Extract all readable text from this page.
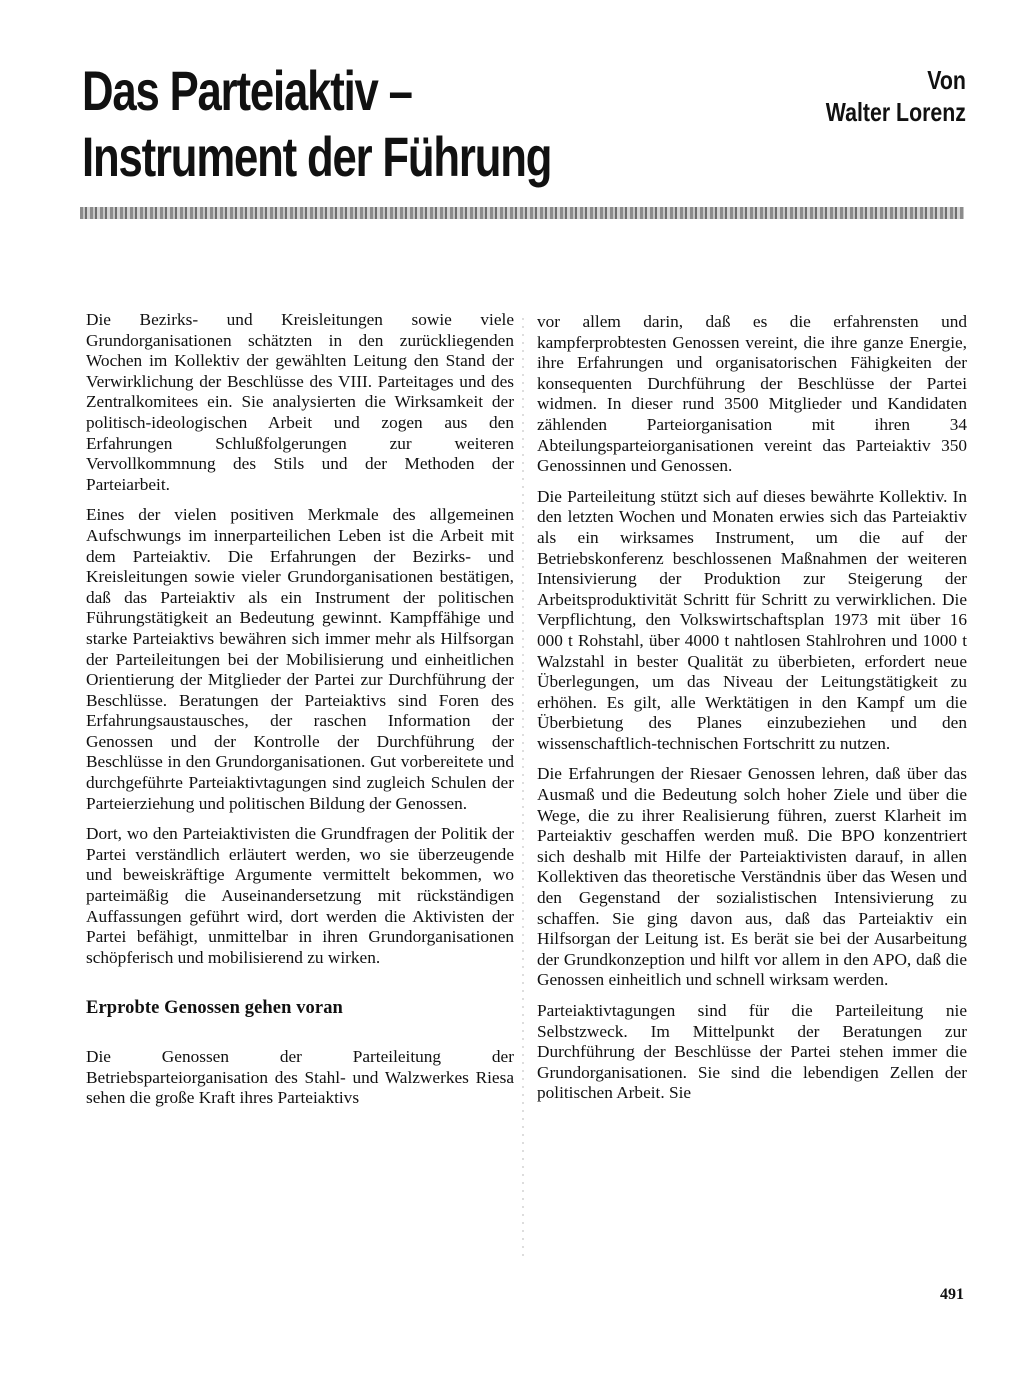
Das Parteiaktiv –
Instrument der Führung
Von
Walter Lorenz

Die Bezirks- und Kreisleitungen sowie viele Grundorganisationen schätzten in den zurückliegenden Wochen im Kollektiv der gewählten Leitung den Stand der Verwirklichung der Beschlüsse des VIII. Parteitages und des Zentralkomitees ein. Sie analysierten die Wirksamkeit der politisch-ideologischen Arbeit und zogen aus den Erfahrungen Schlußfolgerungen zur weiteren Vervollkommnung des Stils und der Methoden der Parteiarbeit.

Eines der vielen positiven Merkmale des allgemeinen Aufschwungs im innerparteilichen Leben ist die Arbeit mit dem Parteiaktiv. Die Erfahrungen der Bezirks- und Kreisleitungen sowie vieler Grundorganisationen bestätigen, daß das Parteiaktiv als ein Instrument der politischen Führungstätigkeit an Bedeutung gewinnt. Kampffähige und starke Parteiaktivs bewähren sich immer mehr als Hilfsorgan der Parteileitungen bei der Mobilisierung und einheitlichen Orientierung der Mitglieder der Partei zur Durchführung der Beschlüsse. Beratungen der Parteiaktivs sind Foren des Erfahrungsaustausches, der raschen Information der Genossen und der Kontrolle der Durchführung der Beschlüsse in den Grundorganisationen. Gut vorbereitete und durchgeführte Parteiaktivtagungen sind zugleich Schulen der Parteierziehung und politischen Bildung der Genossen.

Dort, wo den Parteiaktivisten die Grundfragen der Politik der Partei verständlich erläutert werden, wo sie überzeugende und beweiskräftige Argumente vermittelt bekommen, wo parteimäßig die Auseinandersetzung mit rückständigen Auffassungen geführt wird, dort werden die Aktivisten der Partei befähigt, unmittelbar in ihren Grundorganisationen schöpferisch und mobilisierend zu wirken.

Erprobte Genossen gehen voran

Die Genossen der Parteileitung der Betriebsparteiorganisation des Stahl- und Walzwerkes Riesa sehen die große Kraft ihres Parteiaktivs

vor allem darin, daß es die erfahrensten und kampferprobtesten Genossen vereint, die ihre ganze Energie, ihre Erfahrungen und organisatorischen Fähigkeiten der konsequenten Durchführung der Beschlüsse der Partei widmen. In dieser rund 3500 Mitglieder und Kandidaten zählenden Parteiorganisation mit ihren 34 Abteilungsparteiorganisationen vereint das Parteiaktiv 350 Genossinnen und Genossen.

Die Parteileitung stützt sich auf dieses bewährte Kollektiv. In den letzten Wochen und Monaten erwies sich das Parteiaktiv als ein wirksames Instrument, um die auf der Betriebskonferenz beschlossenen Maßnahmen der weiteren Intensivierung der Produktion zur Steigerung der Arbeitsproduktivität Schritt für Schritt zu verwirklichen. Die Verpflichtung, den Volkswirtschaftsplan 1973 mit über 16 000 t Rohstahl, über 4000 t nahtlosen Stahlrohren und 1000 t Walzstahl in bester Qualität zu überbieten, erfordert neue Überlegungen, um das Niveau der Leitungstätigkeit zu erhöhen. Es gilt, alle Werktätigen in den Kampf um die Überbietung des Planes einzubeziehen und den wissenschaftlich-technischen Fortschritt zu nutzen.

Die Erfahrungen der Riesaer Genossen lehren, daß über das Ausmaß und die Bedeutung solch hoher Ziele und über die Wege, die zu ihrer Realisierung führen, zuerst Klarheit im Parteiaktiv geschaffen werden muß. Die BPO konzentriert sich deshalb mit Hilfe der Parteiaktivisten darauf, in allen Kollektiven das theoretische Verständnis über das Wesen und den Gegenstand der sozialistischen Intensivierung zu schaffen. Sie ging davon aus, daß das Parteiaktiv ein Hilfsorgan der Leitung ist. Es berät sie bei der Ausarbeitung der Grundkonzeption und hilft vor allem in den APO, daß die Genossen einheitlich und schnell wirksam werden.

Parteiaktivtagungen sind für die Parteileitung nie Selbstzweck. Im Mittelpunkt der Beratungen zur Durchführung der Beschlüsse der Partei stehen immer die Grundorganisationen. Sie sind die lebendigen Zellen der politischen Arbeit. Sie

491
